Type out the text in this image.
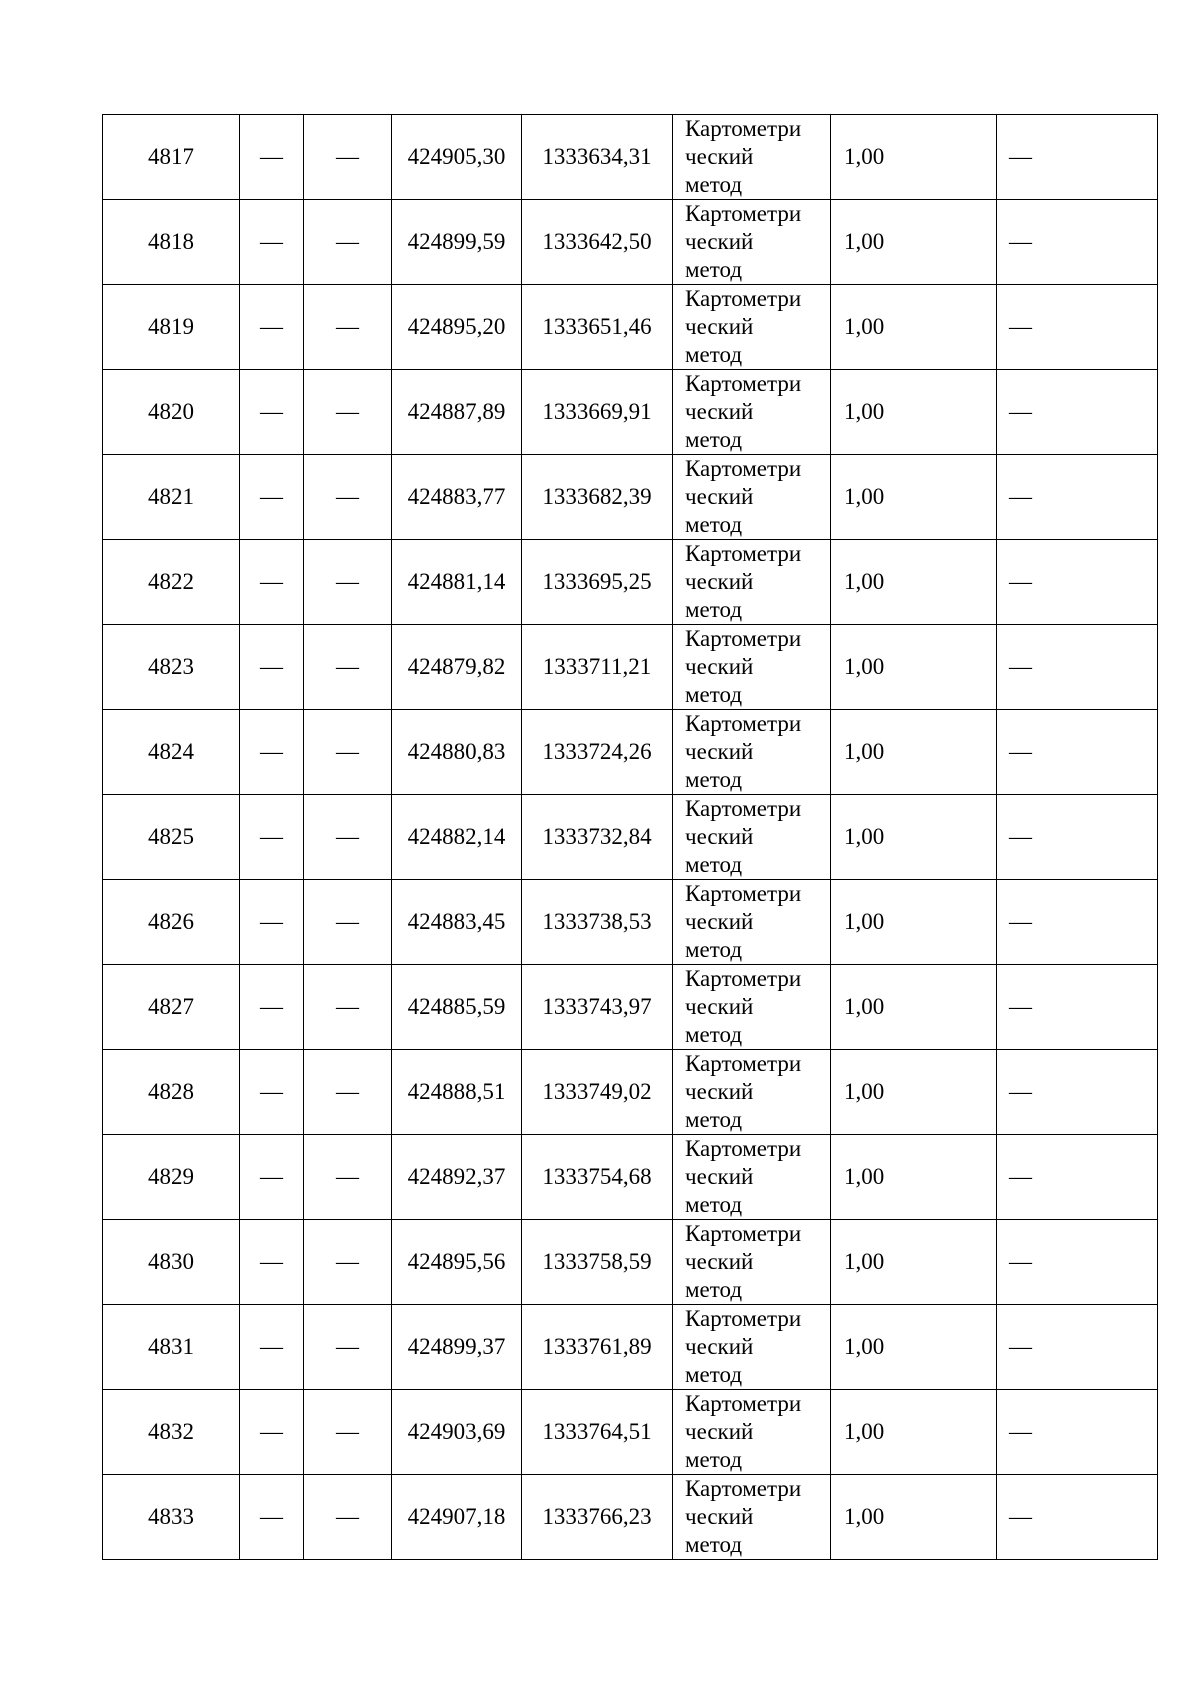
4817	—	—	424905,30	1333634,31	Картометри
ческий
метод	1,00	—
4818	—	—	424899,59	1333642,50	Картометри
ческий
метод	1,00	—
4819	—	—	424895,20	1333651,46	Картометри
ческий
метод	1,00	—
4820	—	—	424887,89	1333669,91	Картометри
ческий
метод	1,00	—
4821	—	—	424883,77	1333682,39	Картометри
ческий
метод	1,00	—
4822	—	—	424881,14	1333695,25	Картометри
ческий
метод	1,00	—
4823	—	—	424879,82	1333711,21	Картометри
ческий
метод	1,00	—
4824	—	—	424880,83	1333724,26	Картометри
ческий
метод	1,00	—
4825	—	—	424882,14	1333732,84	Картометри
ческий
метод	1,00	—
4826	—	—	424883,45	1333738,53	Картометри
ческий
метод	1,00	—
4827	—	—	424885,59	1333743,97	Картометри
ческий
метод	1,00	—
4828	—	—	424888,51	1333749,02	Картометри
ческий
метод	1,00	—
4829	—	—	424892,37	1333754,68	Картометри
ческий
метод	1,00	—
4830	—	—	424895,56	1333758,59	Картометри
ческий
метод	1,00	—
4831	—	—	424899,37	1333761,89	Картометри
ческий
метод	1,00	—
4832	—	—	424903,69	1333764,51	Картометри
ческий
метод	1,00	—
4833	—	—	424907,18	1333766,23	Картометри
ческий
метод	1,00	—
